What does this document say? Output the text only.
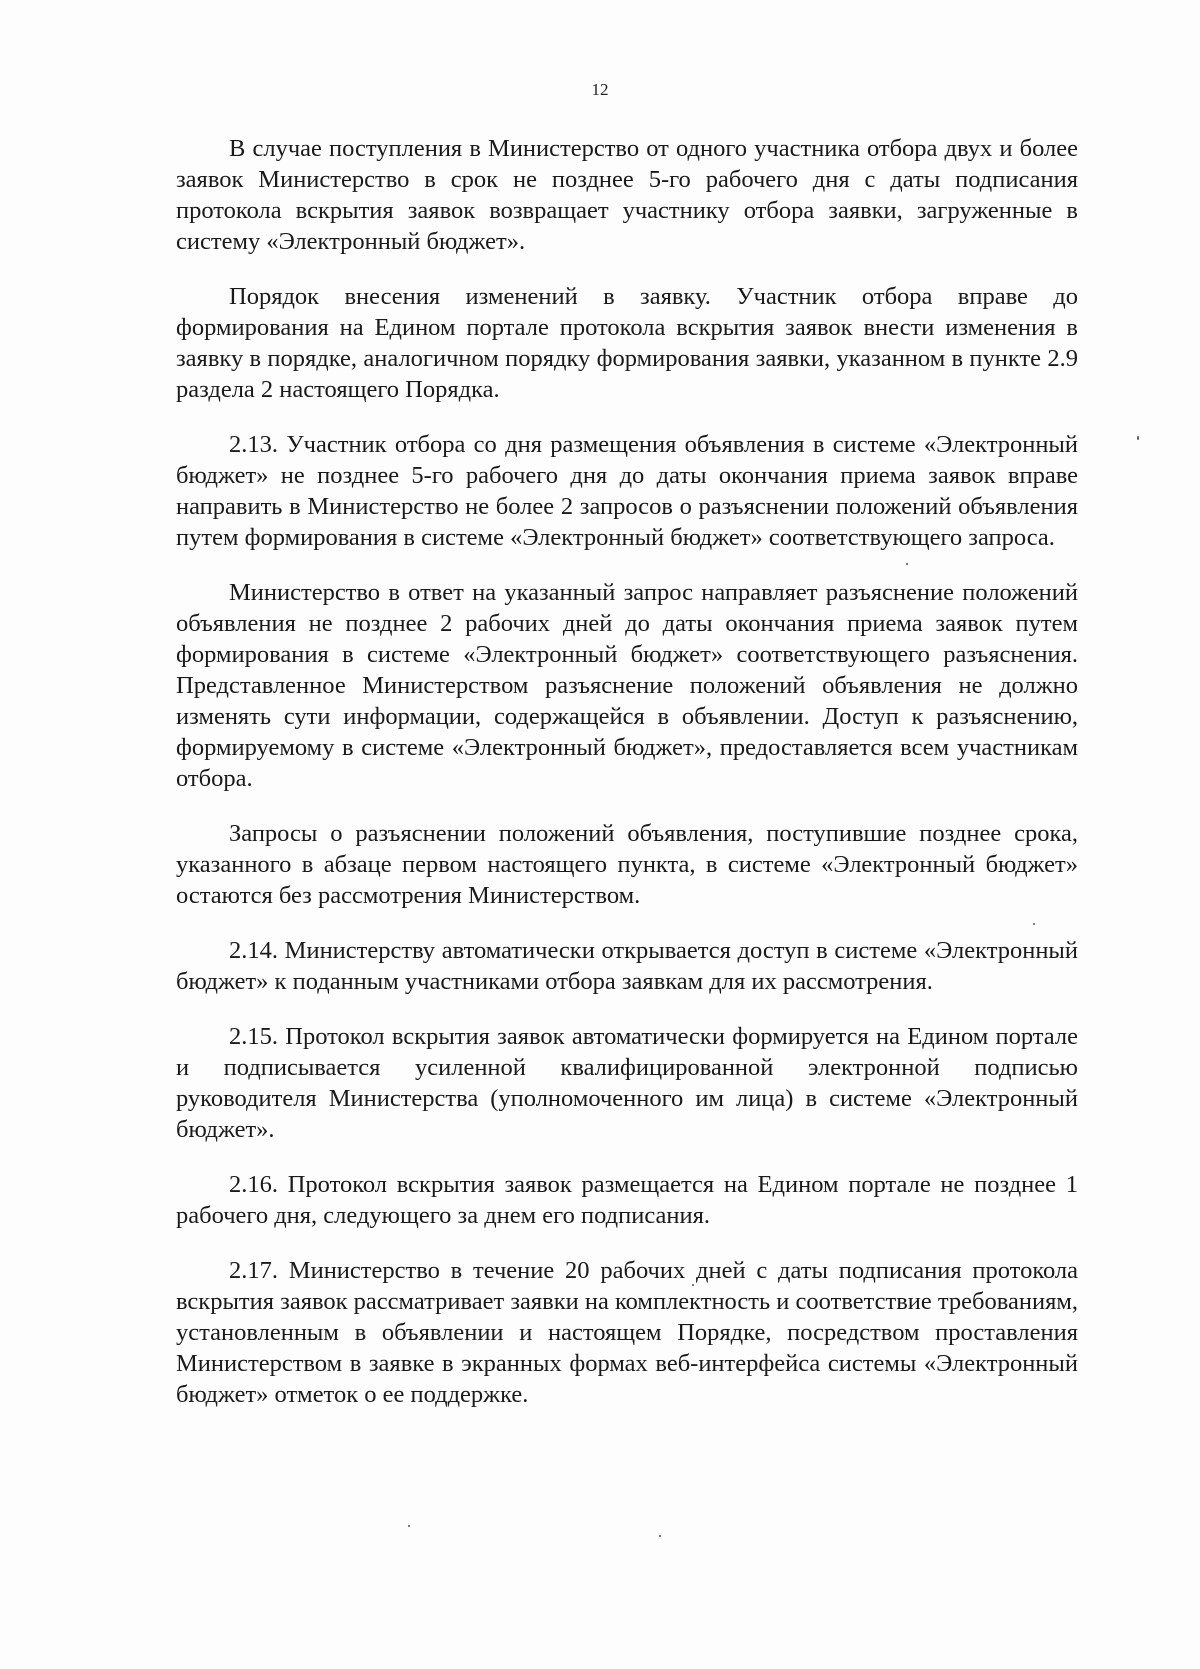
12

В случае поступления в Министерство от одного участника отбора двух и более заявок Министерство в срок не позднее 5-го рабочего дня с даты подписания протокола вскрытия заявок возвращает участнику отбора заявки, загруженные в систему «Электронный бюджет».

Порядок внесения изменений в заявку. Участник отбора вправе до формирования на Едином портале протокола вскрытия заявок внести изменения в заявку в порядке, аналогичном порядку формирования заявки, указанном в пункте 2.9 раздела 2 настоящего Порядка.

2.13. Участник отбора со дня размещения объявления в системе «Электронный бюджет» не позднее 5-го рабочего дня до даты окончания приема заявок вправе направить в Министерство не более 2 запросов о разъяснении положений объявления путем формирования в системе «Электронный бюджет» соответствующего запроса.

Министерство в ответ на указанный запрос направляет разъяснение положений объявления не позднее 2 рабочих дней до даты окончания приема заявок путем формирования в системе «Электронный бюджет» соответствующего разъяснения. Представленное Министерством разъяснение положений объявления не должно изменять сути информации, содержащейся в объявлении. Доступ к разъяснению, формируемому в системе «Электронный бюджет», предоставляется всем участникам отбора.

Запросы о разъяснении положений объявления, поступившие позднее срока, указанного в абзаце первом настоящего пункта, в системе «Электронный бюджет» остаются без рассмотрения Министерством.

2.14. Министерству автоматически открывается доступ в системе «Электронный бюджет» к поданным участниками отбора заявкам для их рассмотрения.

2.15. Протокол вскрытия заявок автоматически формируется на Едином портале и подписывается усиленной квалифицированной электронной подписью руководителя Министерства (уполномоченного им лица) в системе «Электронный бюджет».

2.16. Протокол вскрытия заявок размещается на Едином портале не позднее 1 рабочего дня, следующего за днем его подписания.

2.17. Министерство в течение 20 рабочих дней с даты подписания протокола вскрытия заявок рассматривает заявки на комплектность и соответствие требованиям, установленным в объявлении и настоящем Порядке, посредством проставления Министерством в заявке в экранных формах веб-интерфейса системы «Электронный бюджет» отметок о ее поддержке.
